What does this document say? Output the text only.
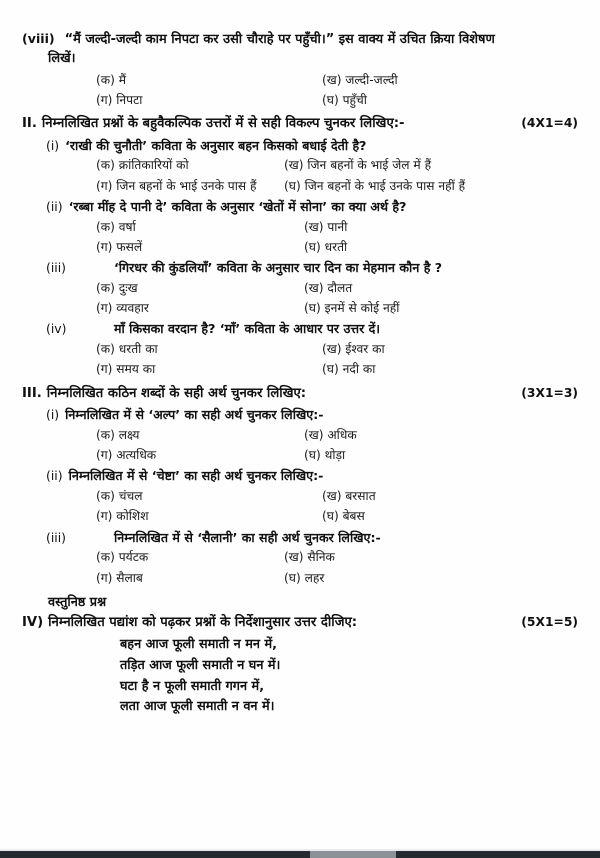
(viii) “मैं जल्दी-जल्दी काम निपटा कर उसी चौराहे पर पहुँची।” इस वाक्य में उचित क्रिया विशेषण
लिखें।
(क) मैं	(ख) जल्दी-जल्दी
(ग) निपटा	(घ) पहुँची
II. निम्नलिखित प्रश्नों के बहुवैकल्पिक उत्तरों में से सही विकल्प चुनकर लिखिए:-	(4X1=4)
(i) ‘राखी की चुनौती’ कविता के अनुसार बहन किसको बधाई देती है?
(क) क्रांतिकारियों को	(ख) जिन बहनों के भाई जेल में हैं
(ग) जिन बहनों के भाई उनके पास हैं	(घ) जिन बहनों के भाई उनके पास नहीं हैं
(ii) ‘रब्बा मींह दे पानी दे’ कविता के अनुसार ‘खेतों में सोना’ का क्या अर्थ है?
(क) वर्षा	(ख) पानी
(ग) फसलें	(घ) धरती
(iii)	‘गिरधर की कुंडलियाँ’ कविता के अनुसार चार दिन का मेहमान कौन है ?
(क) दुःख	(ख) दौलत
(ग) व्यवहार	(घ) इनमें से कोई नहीं
(iv)	माँ किसका वरदान है? ‘माँ’ कविता के आधार पर उत्तर दें।
(क) धरती का	(ख) ईश्वर का
(ग) समय का	(घ) नदी का
III. निम्नलिखित कठिन शब्दों के सही अर्थ चुनकर लिखिए:	(3X1=3)
(i) निम्नलिखित में से ‘अल्प’ का सही अर्थ चुनकर लिखिए:-
(क) लक्ष्य	(ख) अधिक
(ग) अत्यधिक	(घ) थोड़ा
(ii) निम्नलिखित में से ‘चेष्टा’ का सही अर्थ चुनकर लिखिए:-
(क) चंचल	(ख) बरसात
(ग) कोशिश	(घ) बेबस
(iii)	निम्नलिखित में से ‘सैलानी’ का सही अर्थ चुनकर लिखिए:-
(क) पर्यटक	(ख) सैनिक
(ग) सैलाब	(घ) लहर
वस्तुनिष्ठ प्रश्न
IV) निम्नलिखित पद्यांश को पढ़कर प्रश्नों के निर्देशानुसार उत्तर दीजिए:	(5X1=5)
बहन आज फूली समाती न मन में,
तड़ित आज फूली समाती न घन में।
घटा है न फूली समाती गगन में,
लता आज फूली समाती न वन में।
